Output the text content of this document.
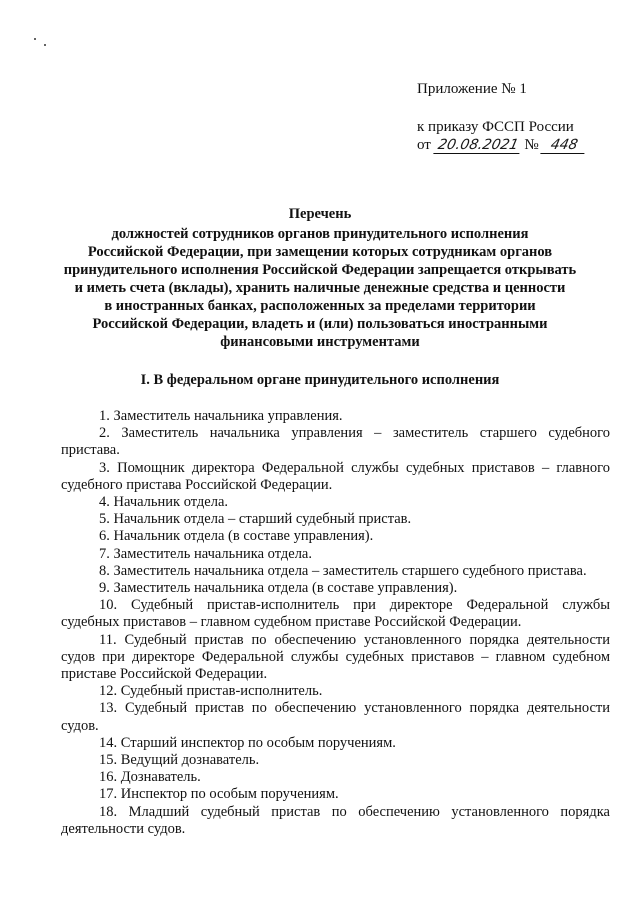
Приложение № 1
к приказу ФССП России
от 20.08.2021 № 448
Перечень
должностей сотрудников органов принудительного исполнения
Российской Федерации, при замещении которых сотрудникам органов
принудительного исполнения Российской Федерации запрещается открывать
и иметь счета (вклады), хранить наличные денежные средства и ценности
в иностранных банках, расположенных за пределами территории
Российской Федерации, владеть и (или) пользоваться иностранными
финансовыми инструментами
I. В федеральном органе принудительного исполнения

1. Заместитель начальника управления.

2. Заместитель начальника управления – заместитель старшего судебного пристава.

3. Помощник директора Федеральной службы судебных приставов – главного судебного пристава Российской Федерации.

4. Начальник отдела.

5. Начальник отдела – старший судебный пристав.

6. Начальник отдела (в составе управления).

7. Заместитель начальника отдела.

8. Заместитель начальника отдела – заместитель старшего судебного пристава.

9. Заместитель начальника отдела (в составе управления).

10. Судебный пристав-исполнитель при директоре Федеральной службы судебных приставов – главном судебном приставе Российской Федерации.

11. Судебный пристав по обеспечению установленного порядка деятельности судов при директоре Федеральной службы судебных приставов – главном судебном приставе Российской Федерации.

12. Судебный пристав-исполнитель.

13. Судебный пристав по обеспечению установленного порядка деятельности судов.

14. Старший инспектор по особым поручениям.

15. Ведущий дознаватель.

16. Дознаватель.

17. Инспектор по особым поручениям.

18. Младший судебный пристав по обеспечению установленного порядка деятельности судов.
